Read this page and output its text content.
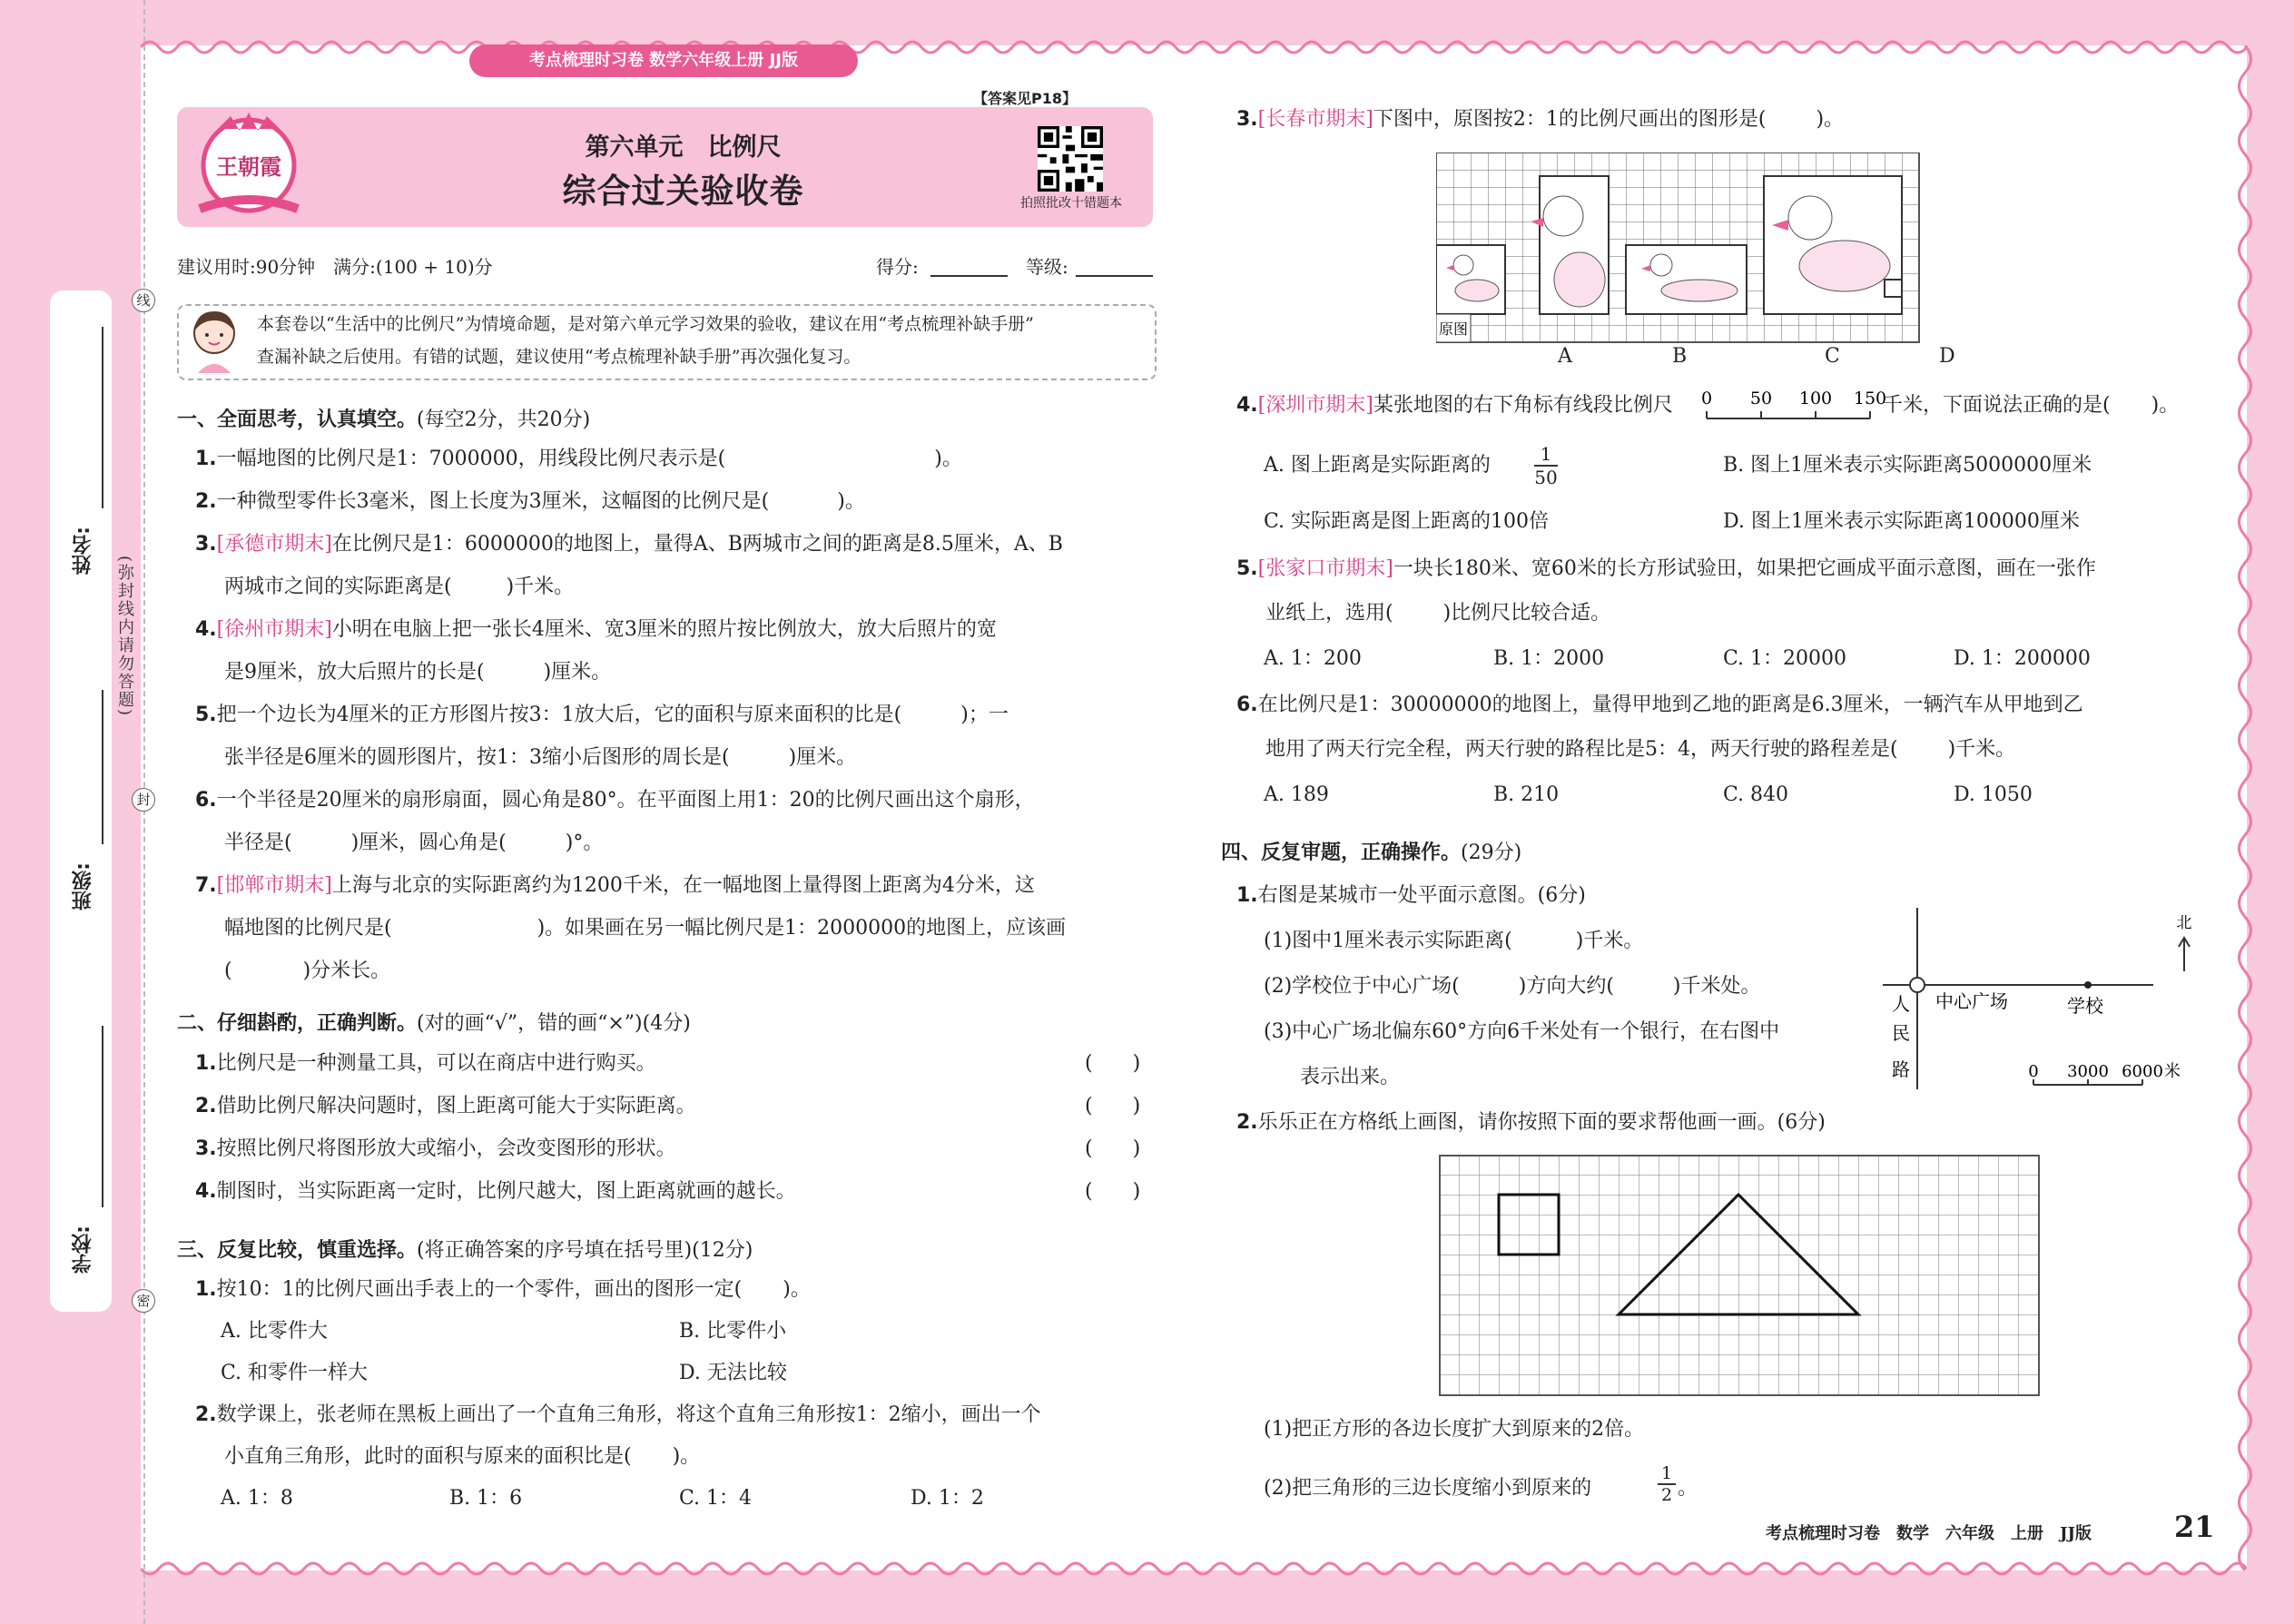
姓名:
班级:
学校:
(弥封线内请勿答题)
线
封
密
考点梳理时习卷 数学六年级上册 JJ版
王朝霞
【答案见P18】
第六单元　比例尺
综合过关验收卷	拍照批改十错题本
建议用时:90分钟　满分:(100 + 10)分	得分:	等级:
本套卷以“生活中的比例尺”为情境命题，是对第六单元学习效果的验收，建议在用“考点梳理补缺手册”
查漏补缺之后使用。有错的试题，建议使用“考点梳理补缺手册”再次强化复习。
一、全面思考，认真填空。(每空2分，共20分)
1.一幅地图的比例尺是1：7000000，用线段比例尺表示是(	)。
2.一种微型零件长3毫米，图上长度为3厘米，这幅图的比例尺是(	)。
3.[承德市期末]在比例尺是1：6000000的地图上，量得A、B两城市之间的距离是8.5厘米，A、B
两城市之间的实际距离是(	)千米。
4.[徐州市期末]小明在电脑上把一张长4厘米、宽3厘米的照片按比例放大，放大后照片的宽
是9厘米，放大后照片的长是(	)厘米。
5.把一个边长为4厘米的正方形图片按3：1放大后，它的面积与原来面积的比是(	)；一
张半径是6厘米的圆形图片，按1：3缩小后图形的周长是(	)厘米。
6.一个半径是20厘米的扇形扇面，圆心角是80°。在平面图上用1：20的比例尺画出这个扇形，
半径是(	)厘米，圆心角是(	)°。
7.[邯郸市期末]上海与北京的实际距离约为1200千米，在一幅地图上量得图上距离为4分米，这
幅地图的比例尺是(	)。如果画在另一幅比例尺是1：2000000的地图上，应该画
(	)分米长。
二、仔细斟酌，正确判断。(对的画“√”，错的画“×”)(4分)
1.比例尺是一种测量工具，可以在商店中进行购买。	(　　)
2.借助比例尺解决问题时，图上距离可能大于实际距离。	(　　)
3.按照比例尺将图形放大或缩小，会改变图形的形状。	(　　)
4.制图时，当实际距离一定时，比例尺越大，图上距离就画的越长。	(　　)
三、反复比较，慎重选择。(将正确答案的序号填在括号里)(12分)
1.按10：1的比例尺画出手表上的一个零件，画出的图形一定( )。
A. 比零件大	B. 比零件小
C. 和零件一样大	D. 无法比较
2.数学课上，张老师在黑板上画出了一个直角三角形，将这个直角三角形按1：2缩小，画出一个
小直角三角形，此时的面积与原来的面积比是( )。
A. 1：8	B. 1：6	C. 1：4	D. 1：2
3.[长春市期末]下图中，原图按2：1的比例尺画出的图形是(	)。
原图
A	B	C	D
4.[深圳市期末]某张地图的右下角标有线段比例尺 0 50 100 150
千米，下面说法正确的是( )。
A. 图上距离是实际距离的	1
50
B. 图上1厘米表示实际距离5000000厘米
C. 实际距离是图上距离的100倍	D. 图上1厘米表示实际距离100000厘米
5.[张家口市期末]一块长180米、宽60米的长方形试验田，如果把它画成平面示意图，画在一张作
业纸上，选用(	)比例尺比较合适。
A. 1：200	B. 1：2000	C. 1：20000	D. 1：200000
6.在比例尺是1：30000000的地图上，量得甲地到乙地的距离是6.3厘米，一辆汽车从甲地到乙
地用了两天行完全程，两天行驶的路程比是5：4，两天行驶的路程差是(	)千米。
A. 189	B. 210	C. 840	D. 1050
四、反复审题，正确操作。(29分)
1.右图是某城市一处平面示意图。(6分)
(1)图中1厘米表示实际距离(	)千米。
(2)学校位于中心广场(	)方向大约(	)千米处。
(3)中心广场北偏东60°方向6千米处有一个银行，在右图中
表示出来。
北
中心广场	学校
人
民
路	0 3000 6000 米
2.乐乐正在方格纸上画图，请你按照下面的要求帮他画一画。(6分)
(1)把正方形的各边长度扩大到原来的2倍。
(2)把三角形的三边长度缩小到原来的
1
2 。
考点梳理时习卷　数学　六年级　上册　JJ版	21
